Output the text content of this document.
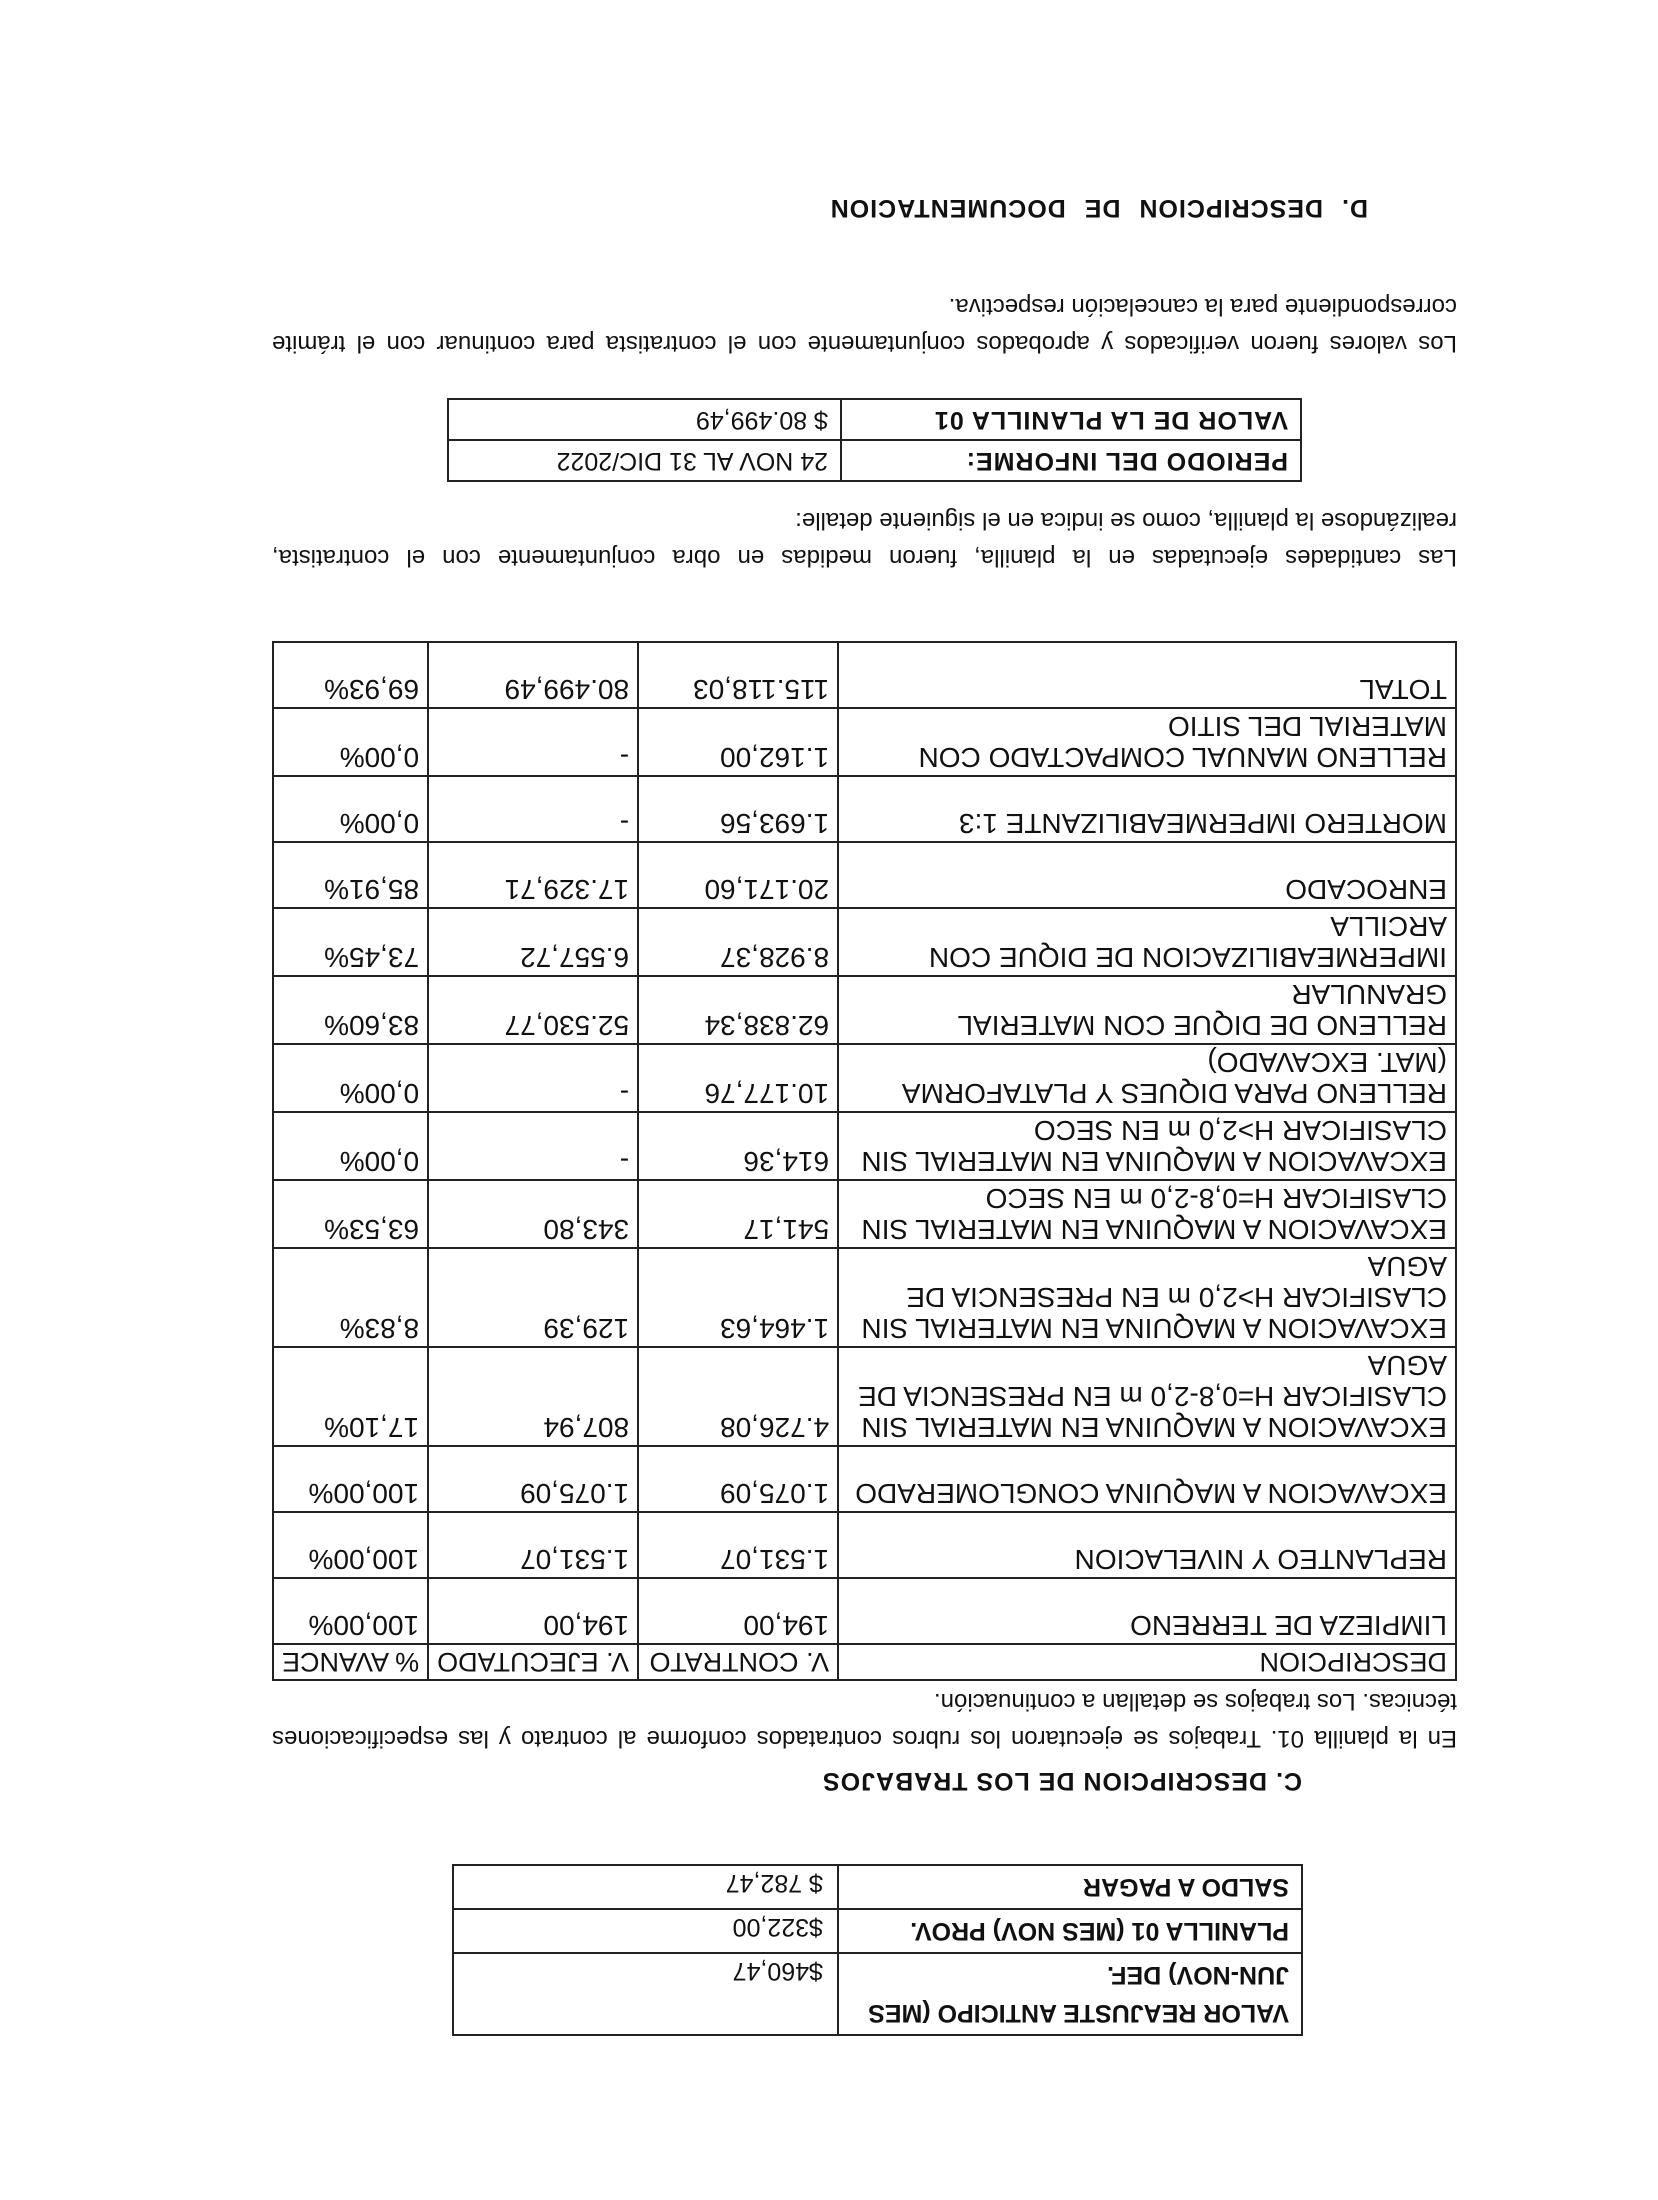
VALOR REAJUSTE ANTICIPO (MES JUN-NOV) DEF.	$460,47
PLANILLA 01 (MES NOV) PROV.	$322,00
SALDO A PAGAR	$ 782,47
C. DESCRIPCION DE LOS TRABAJOS
En la planilla 01. Trabajos se ejecutaron los rubros contratados conforme al contrato y las especificaciones técnicas. Los trabajos se detallan a continuación.
DESCRIPCION	V. CONTRATO	V. EJECUTADO	% AVANCE
LIMPIEZA DE TERRENO	194,00	194,00	100,00%
REPLANTEO Y NIVELACION	1.531,07	1.531,07	100,00%
EXCAVACION A MAQUINA CONGLOMERADO	1.075,09	1.075,09	100,00%
EXCAVACION A MAQUINA EN MATERIAL SIN CLASIFICAR H=0,8-2,0 m EN PRESENCIA DE AGUA	4.726,08	807,94	17,10%
EXCAVACION A MAQUINA EN MATERIAL SIN CLASIFICAR H>2,0 m EN PRESENCIA DE AGUA	1.464,63	129,39	8,83%
EXCAVACION A MAQUINA EN MATERIAL SIN CLASIFICAR H=0,8-2,0 m EN SECO	541,17	343,80	63,53%
EXCAVACION A MAQUINA EN MATERIAL SIN CLASIFICAR H>2,0 m EN SECO	614,36	-	0,00%
RELLENO PARA DIQUES Y PLATAFORMA (MAT. EXCAVADO)	10.177,76	-	0,00%
RELLENO DE DIQUE CON MATERIAL GRANULAR	62.838,34	52.530,77	83,60%
IMPERMEABILIZACION DE DIQUE CON ARCILLA	8.928,37	6.557,72	73,45%
ENROCADO	20.171,60	17.329,71	85,91%
MORTERO IMPERMEABILIZANTE 1:3	1.693,56	-	0,00%
RELLENO MANUAL COMPACTADO CON MATERIAL DEL SITIO	1.162,00	-	0,00%
TOTAL	115.118,03	80.499,49	69,93%
Las cantidades ejecutadas en la planilla, fueron medidas en obra conjuntamente con el contratista, realizándose la planilla, como se indica en el siguiente detalle:
PERIODO DEL INFORME:	24 NOV AL 31 DIC/2022
VALOR DE LA PLANILLA 01	$ 80.499,49
Los valores fueron verificados y aprobados conjuntamente con el contratista para continuar con el trámite correspondiente para la cancelación respectiva.
D. DESCRIPCION DE DOCUMENTACION
